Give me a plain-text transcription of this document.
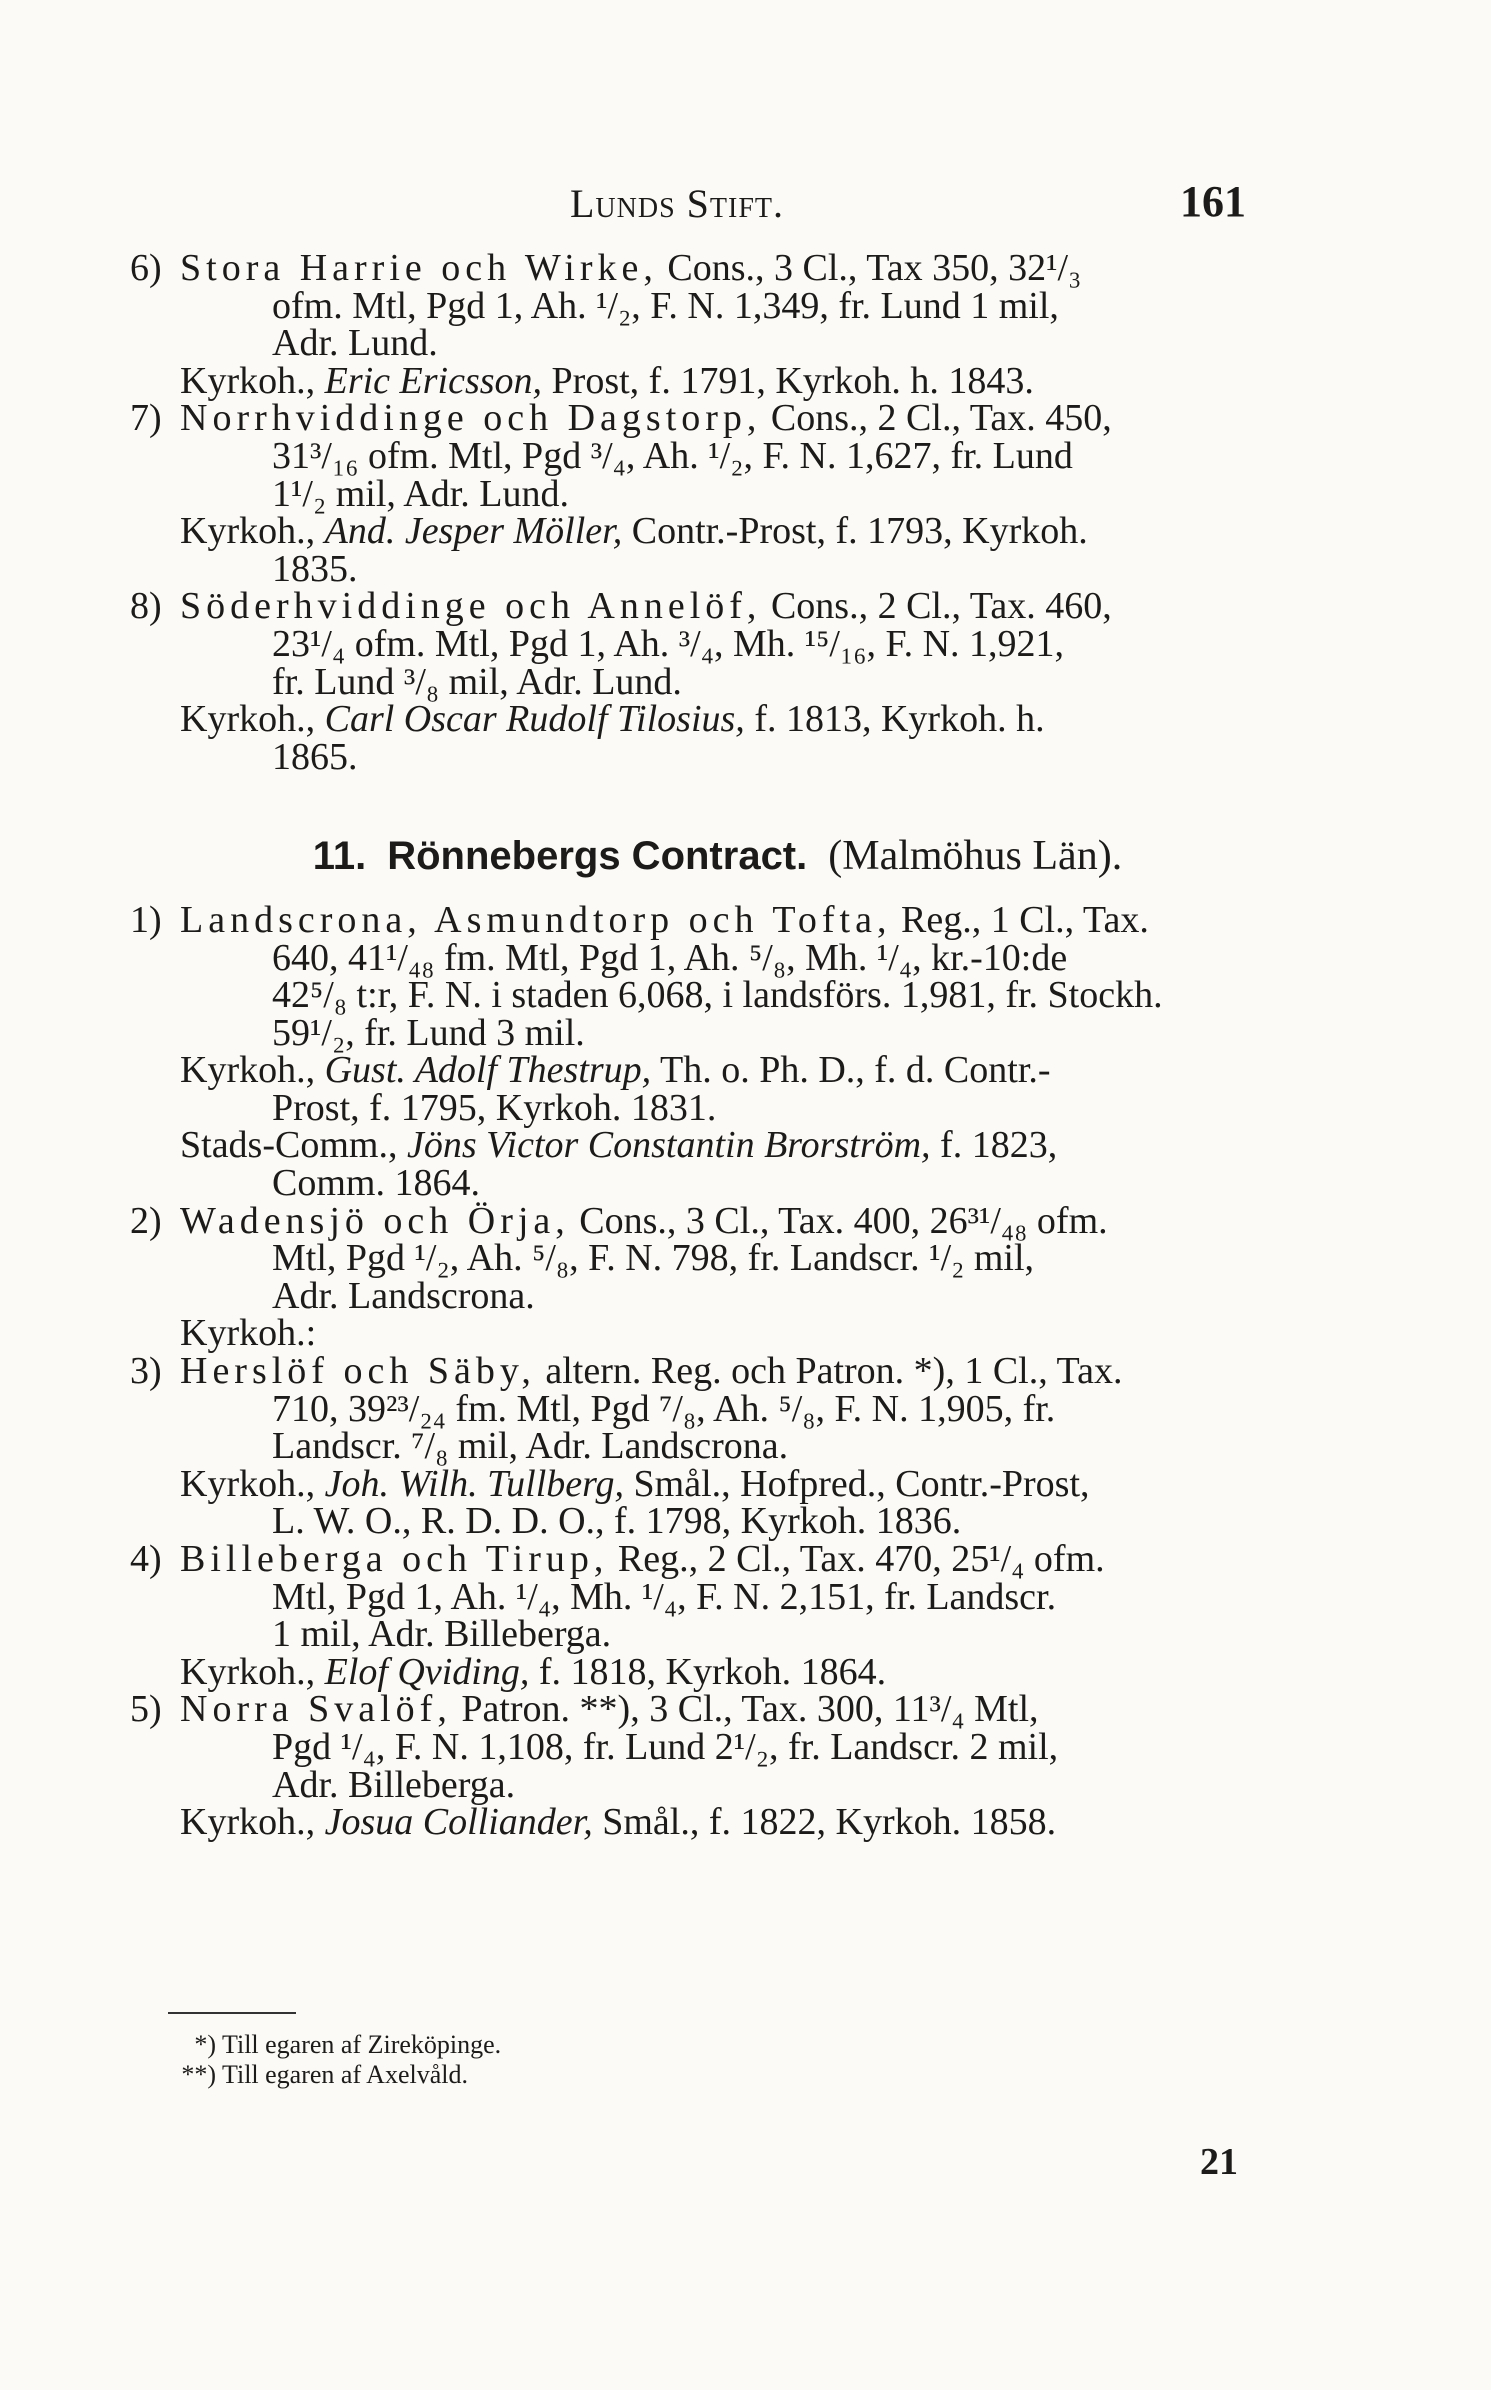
Lunds Stift.	161
6) Stora Harrie och Wirke, Cons., 3 Cl., Tax 350, 32¹/₃
ofm. Mtl, Pgd 1, Ah. ¹/₂, F. N. 1,349, fr. Lund 1 mil,
Adr. Lund.
Kyrkoh., Eric Ericsson, Prost, f. 1791, Kyrkoh. h. 1843.
7) Norrhviddinge och Dagstorp, Cons., 2 Cl., Tax. 450,
31³/₁₆ ofm. Mtl, Pgd ³/₄, Ah. ¹/₂, F. N. 1,627, fr. Lund
1¹/₂ mil, Adr. Lund.
Kyrkoh., And. Jesper Möller, Contr.-Prost, f. 1793, Kyrkoh.
1835.
8) Söderhviddinge och Annelöf, Cons., 2 Cl., Tax. 460,
23¹/₄ ofm. Mtl, Pgd 1, Ah. ³/₄, Mh. ¹⁵/₁₆, F. N. 1,921,
fr. Lund ³/₈ mil, Adr. Lund.
Kyrkoh., Carl Oscar Rudolf Tilosius, f. 1813, Kyrkoh. h.
1865.
11. Rönnebergs Contract. (Malmöhus Län).
1) Landscrona, Asmundtorp och Tofta, Reg., 1 Cl., Tax.
640, 41¹/₄₈ fm. Mtl, Pgd 1, Ah. ⁵/₈, Mh. ¹/₄, kr.-10:de
42⁵/₈ t:r, F. N. i staden 6,068, i landsförs. 1,981, fr. Stockh.
59¹/₂, fr. Lund 3 mil.
Kyrkoh., Gust. Adolf Thestrup, Th. o. Ph. D., f. d. Contr.-
Prost, f. 1795, Kyrkoh. 1831.
Stads-Comm., Jöns Victor Constantin Brorström, f. 1823,
Comm. 1864.
2) Wadensjö och Örja, Cons., 3 Cl., Tax. 400, 26³¹/₄₈ ofm.
Mtl, Pgd ¹/₂, Ah. ⁵/₈, F. N. 798, fr. Landscr. ¹/₂ mil,
Adr. Landscrona.
Kyrkoh.:
3) Herslöf och Säby, altern. Reg. och Patron. *), 1 Cl., Tax.
710, 39²³/₂₄ fm. Mtl, Pgd ⁷/₈, Ah. ⁵/₈, F. N. 1,905, fr.
Landscr. ⁷/₈ mil, Adr. Landscrona.
Kyrkoh., Joh. Wilh. Tullberg, Smål., Hofpred., Contr.-Prost,
L. W. O., R. D. D. O., f. 1798, Kyrkoh. 1836.
4) Billeberga och Tirup, Reg., 2 Cl., Tax. 470, 25¹/₄ ofm.
Mtl, Pgd 1, Ah. ¹/₄, Mh. ¹/₄, F. N. 2,151, fr. Landscr.
1 mil, Adr. Billeberga.
Kyrkoh., Elof Qviding, f. 1818, Kyrkoh. 1864.
5) Norra Svalöf, Patron. **), 3 Cl., Tax. 300, 11³/₄ Mtl,
Pgd ¹/₄, F. N. 1,108, fr. Lund 2¹/₂, fr. Landscr. 2 mil,
Adr. Billeberga.
Kyrkoh., Josua Colliander, Smål., f. 1822, Kyrkoh. 1858.
*) Till egaren af Zireköpinge.
**) Till egaren af Axelvåld.
21
